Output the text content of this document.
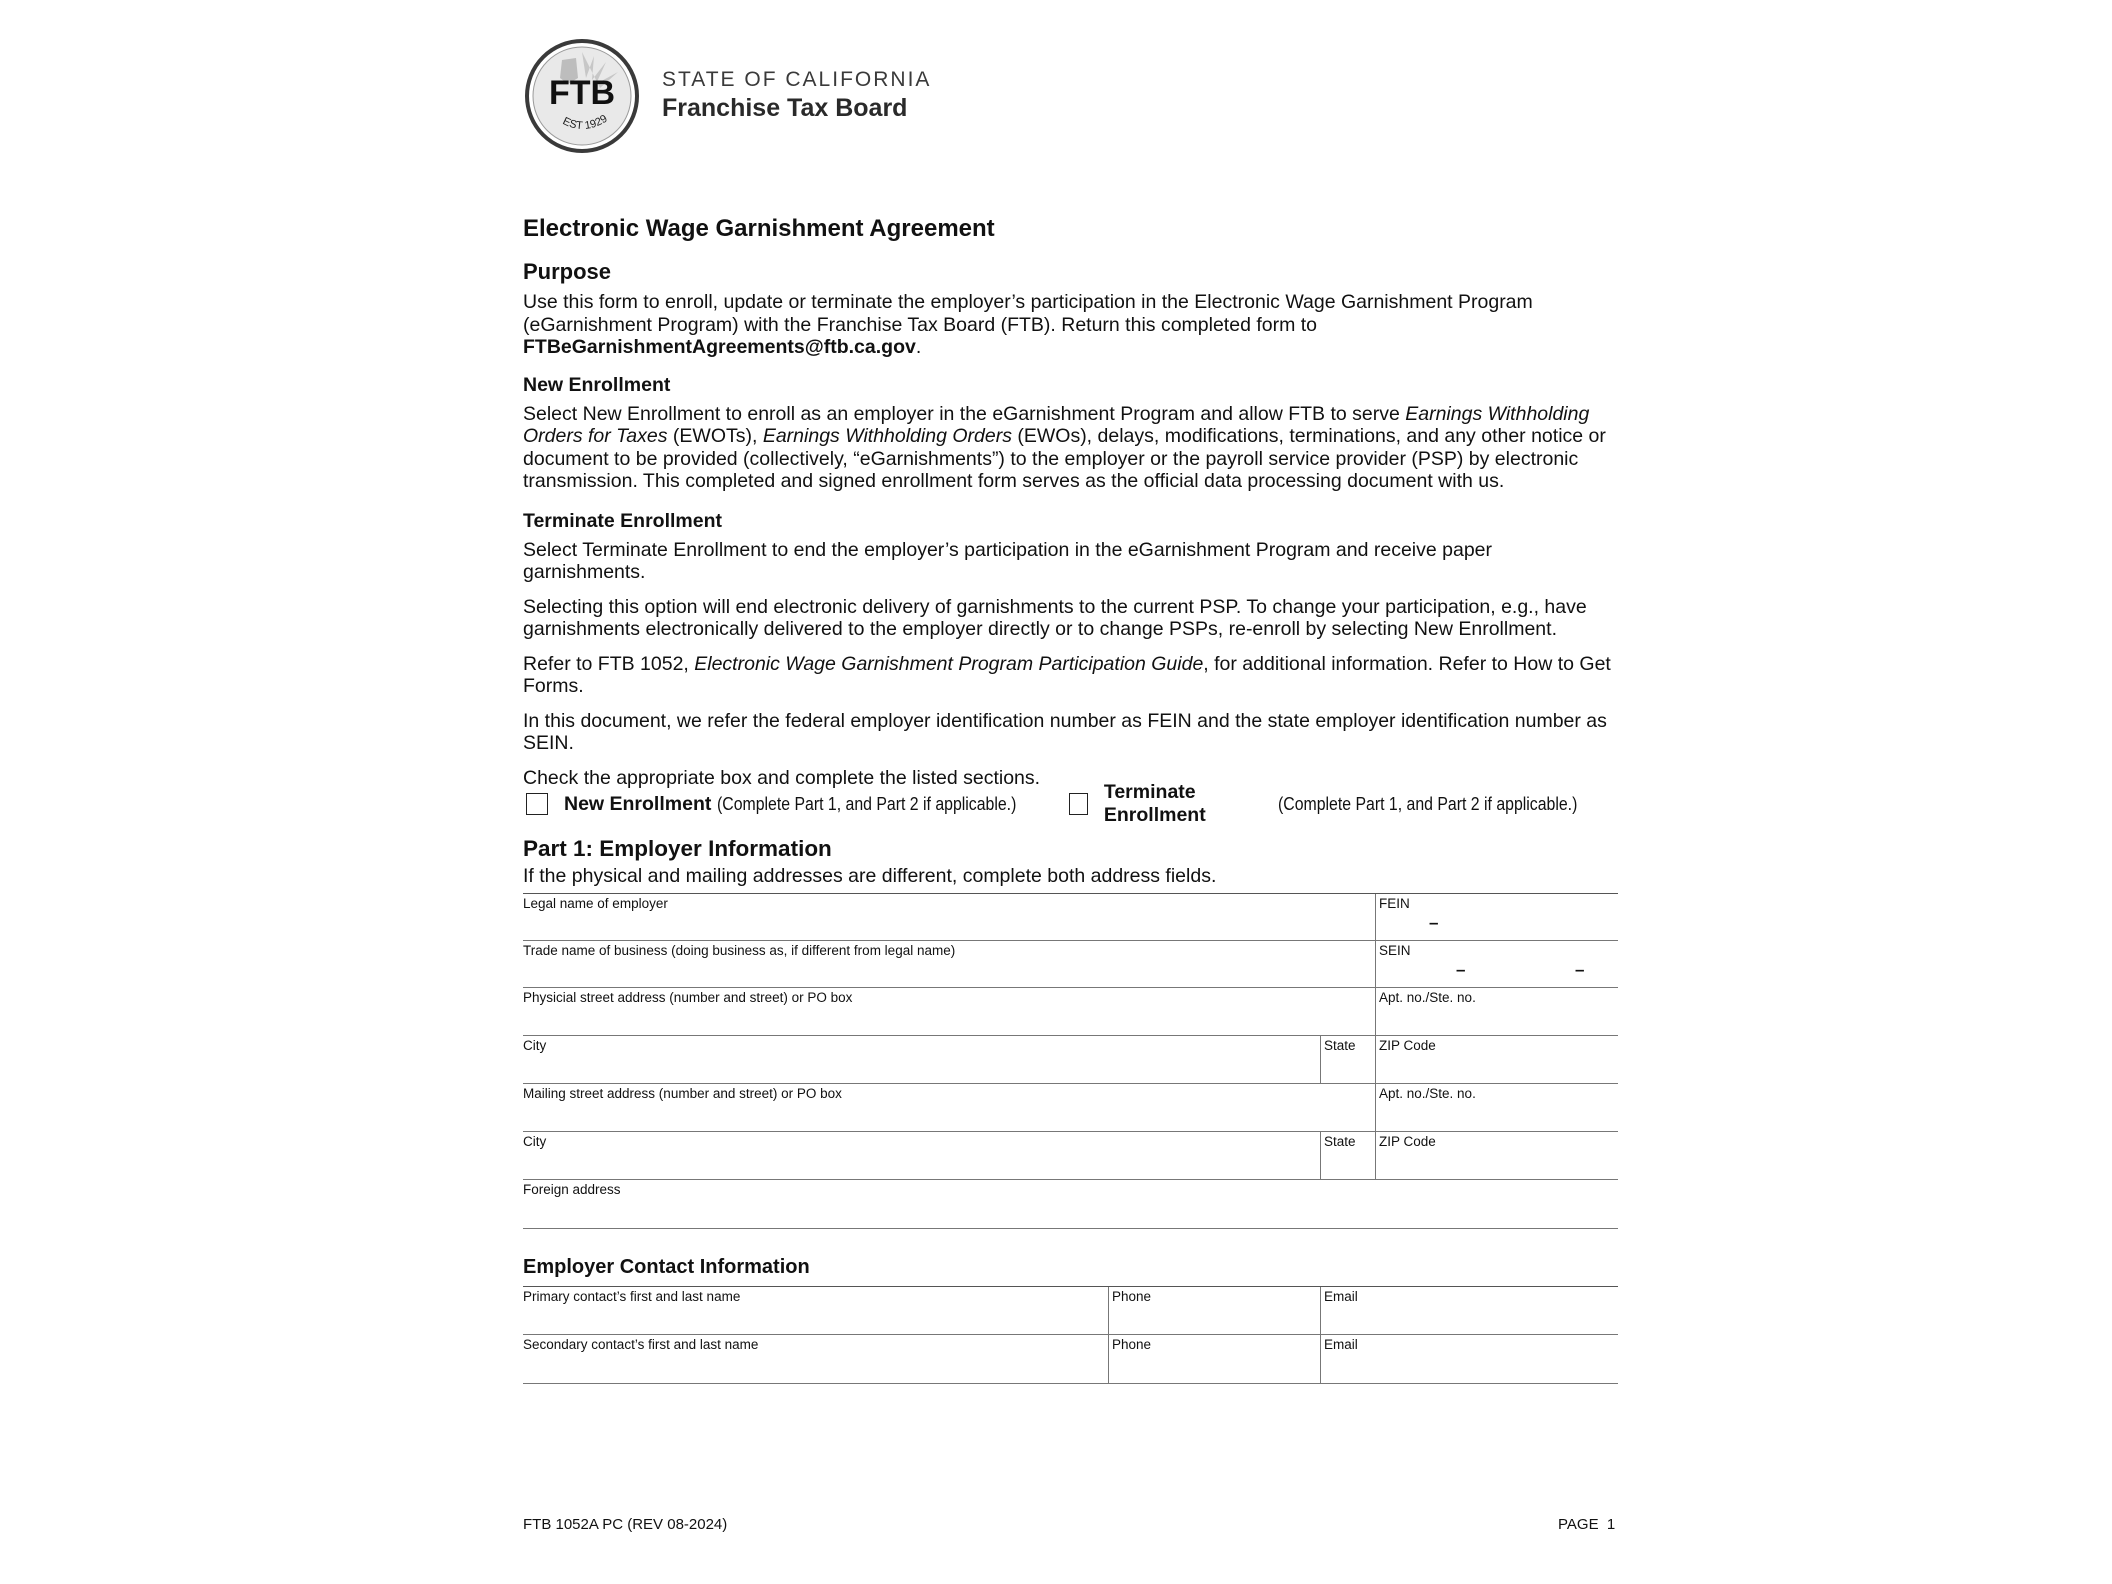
FTB
EST 1929
STATE OF CALIFORNIA
Franchise Tax Board
Electronic Wage Garnishment Agreement
Purpose

Use this form to enroll, update or terminate the employer’s participation in the Electronic Wage Garnishment Program (eGarnishment Program) with the Franchise Tax Board (FTB). Return this completed form to FTBeGarnishmentAgreements@ftb.ca.gov.

New Enrollment

Select New Enrollment to enroll as an employer in the eGarnishment Program and allow FTB to serve Earnings Withholding Orders for Taxes (EWOTs), Earnings Withholding Orders (EWOs), delays, modifications, terminations, and any other notice or document to be provided (collectively, “eGarnishments”) to the employer or the payroll service provider (PSP) by electronic transmission. This completed and signed enrollment form serves as the official data processing document with us.

Terminate Enrollment

Select Terminate Enrollment to end the employer’s participation in the eGarnishment Program and receive paper garnishments.

Selecting this option will end electronic delivery of garnishments to the current PSP. To change your participation, e.g., have garnishments electronically delivered to the employer directly or to change PSPs, re-enroll by selecting New Enrollment.

Refer to FTB 1052, Electronic Wage Garnishment Program Participation Guide, for additional information. Refer to How to Get Forms.

In this document, we refer the federal employer identification number as FEIN and the state employer identification number as SEIN.

Check the appropriate box and complete the listed sections.

New Enrollment (Complete Part 1, and Part 2 if applicable.)
Terminate Enrollment
(Complete Part 1, and Part 2 if applicable.)
Part 1: Employer Information

If the physical and mailing addresses are different, complete both address fields.

Legal name of employer	FEIN
–
Trade name of business (doing business as, if different from legal name)	SEIN
–	–
Physicial street address (number and street) or PO box	Apt. no./Ste. no.
City	State ZIP Code
Mailing street address (number and street) or PO box	Apt. no./Ste. no.
City	State ZIP Code
Foreign address
Employer Contact Information
Primary contact’s first and last name	Phone	Email
Secondary contact’s first and last name	Phone	Email
FTB 1052A PC (REV 08-2024)	PAGE  1
